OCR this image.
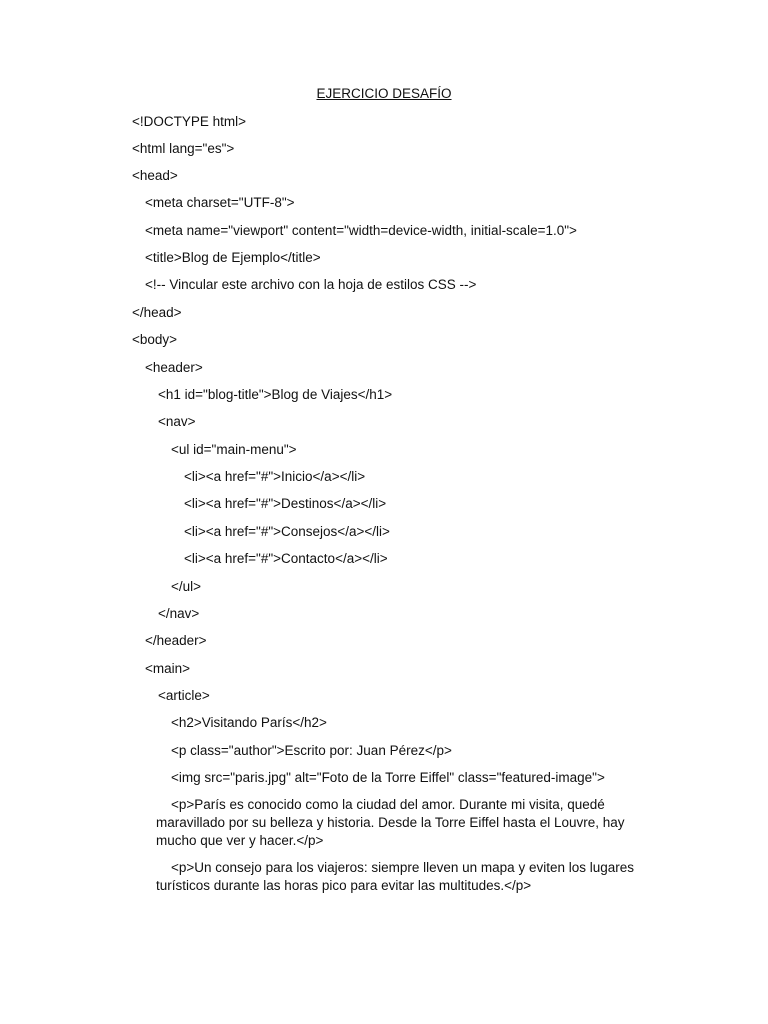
EJERCICIO DESAFÍO
<!DOCTYPE html>
<html lang="es">
<head>
<meta charset="UTF-8">
<meta name="viewport" content="width=device-width, initial-scale=1.0">
<title>Blog de Ejemplo</title>
<!-- Vincular este archivo con la hoja de estilos CSS -->
</head>
<body>
<header>
<h1 id="blog-title">Blog de Viajes</h1>
<nav>
<ul id="main-menu">
<li><a href="#">Inicio</a></li>
<li><a href="#">Destinos</a></li>
<li><a href="#">Consejos</a></li>
<li><a href="#">Contacto</a></li>
</ul>
</nav>
</header>
<main>
<article>
<h2>Visitando París</h2>
<p class="author">Escrito por: Juan Pérez</p>
<img src="paris.jpg" alt="Foto de la Torre Eiffel" class="featured-image">
<p>París es conocido como la ciudad del amor. Durante mi visita, quedé maravillado por su belleza y historia. Desde la Torre Eiffel hasta el Louvre, hay mucho que ver y hacer.</p>
<p>Un consejo para los viajeros: siempre lleven un mapa y eviten los lugares turísticos durante las horas pico para evitar las multitudes.</p>
